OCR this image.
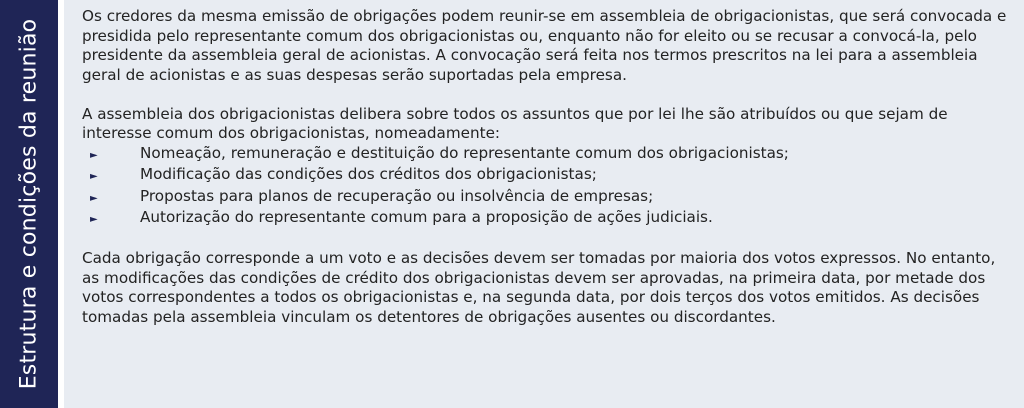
Estrutura e condições da reunião

Os credores da mesma emissão de obrigações podem reunir-se em assembleia de obrigacionistas, que será convocada e presidida pelo representante comum dos obrigacionistas ou, enquanto não for eleito ou se recusar a convocá-la, pelo presidente da assembleia geral de acionistas. A convocação será feita nos termos prescritos na lei para a assembleia geral de acionistas e as suas despesas serão suportadas pela empresa.

A assembleia dos obrigacionistas delibera sobre todos os assuntos que por lei lhe são atribuídos ou que sejam de interesse comum dos obrigacionistas, nomeadamente:

►	Nomeação, remuneração e destituição do representante comum dos obrigacionistas;
►	Modificação das condições dos créditos dos obrigacionistas;
►	Propostas para planos de recuperação ou insolvência de empresas;
►	Autorização do representante comum para a proposição de ações judiciais.

Cada obrigação corresponde a um voto e as decisões devem ser tomadas por maioria dos votos expressos. No entanto, as modificações das condições de crédito dos obrigacionistas devem ser aprovadas, na primeira data, por metade dos votos correspondentes a todos os obrigacionistas e, na segunda data, por dois terços dos votos emitidos. As decisões tomadas pela assembleia vinculam os detentores de obrigações ausentes ou discordantes.
